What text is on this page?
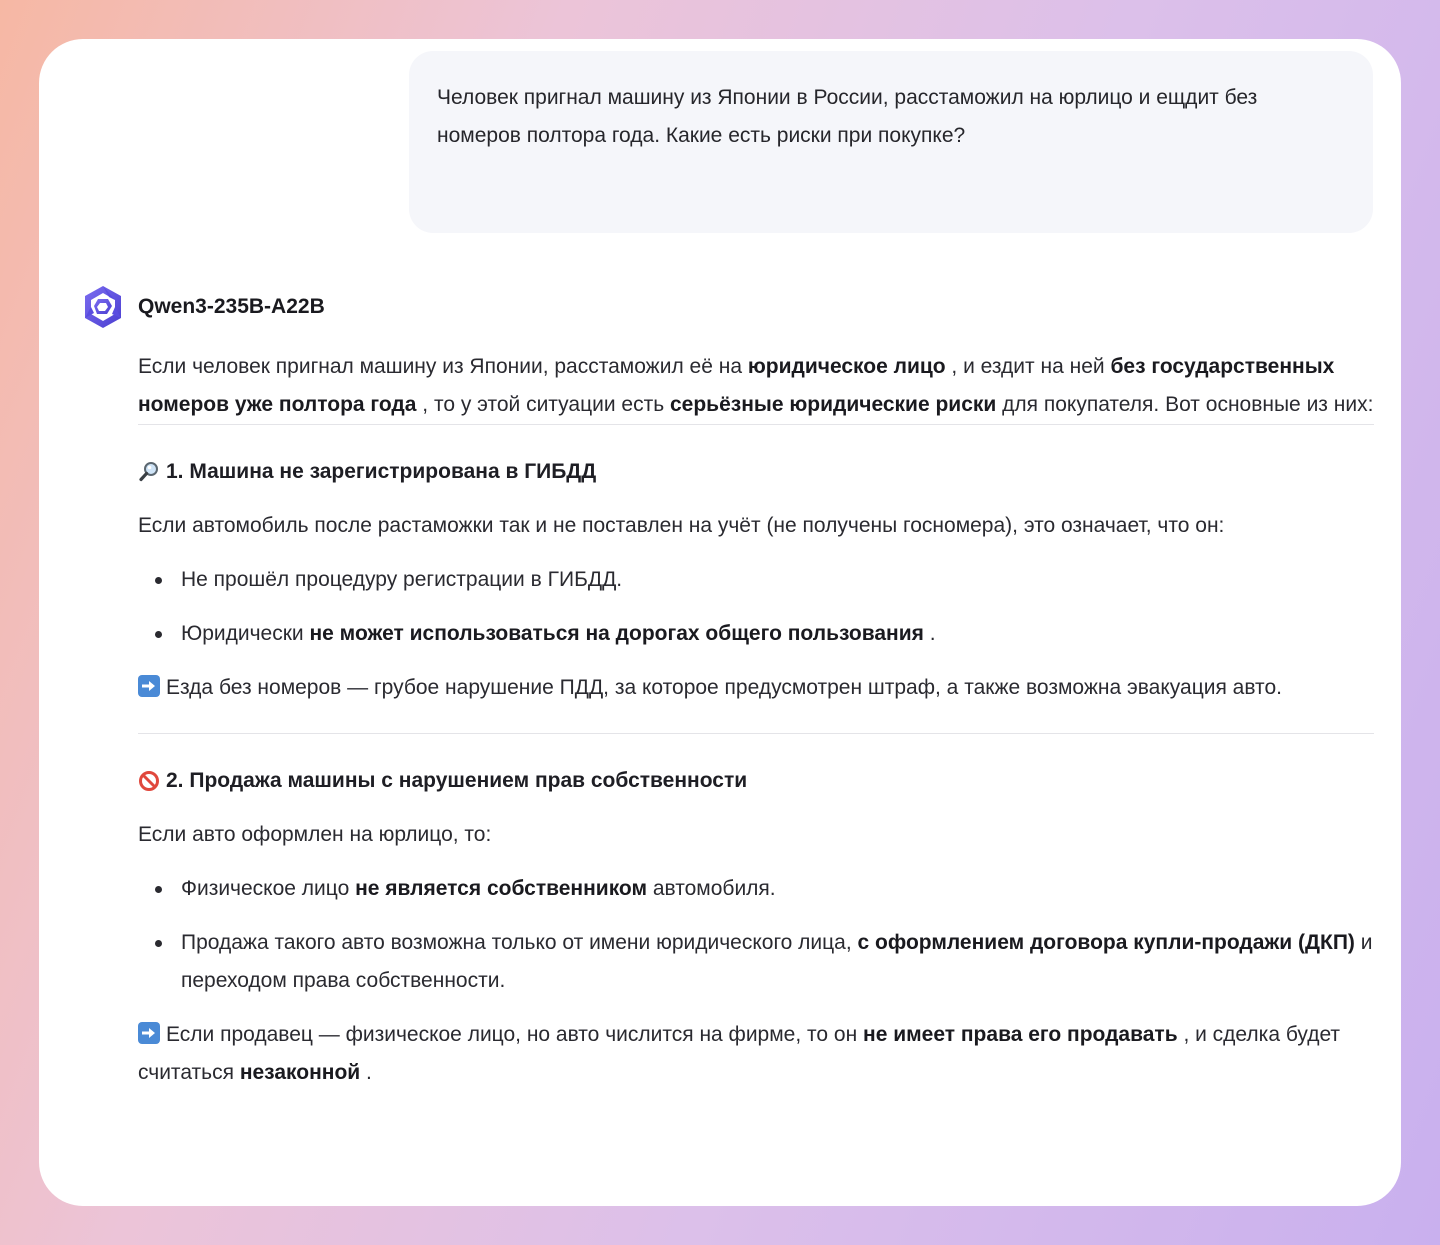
Человек пригнал машину из Японии в России, расстаможил на юрлицо и ещдит без номеров полтора года. Какие есть риски при покупке?
Qwen3-235B-A22B

Если человек пригнал машину из Японии, расстаможил её на юридическое лицо , и ездит на ней без государственных номеров уже полтора года , то у этой ситуации есть серьёзные юридические риски для покупателя. Вот основные из них:

1. Машина не зарегистрирована в ГИБДД

Если автомобиль после растаможки так и не поставлен на учёт (не получены госномера), это означает, что он:

Не прошёл процедуру регистрации в ГИБДД.
Юридически не может использоваться на дорогах общего пользования .

Езда без номеров — грубое нарушение ПДД, за которое предусмотрен штраф, а также возможна эвакуация авто.

2. Продажа машины с нарушением прав собственности

Если авто оформлен на юрлицо, то:

Физическое лицо не является собственником автомобиля.
Продажа такого авто возможна только от имени юридического лица, с оформлением договора купли-продажи (ДКП) и переходом права собственности.

Если продавец — физическое лицо, но авто числится на фирме, то он не имеет права его продавать , и сделка будет считаться незаконной .
